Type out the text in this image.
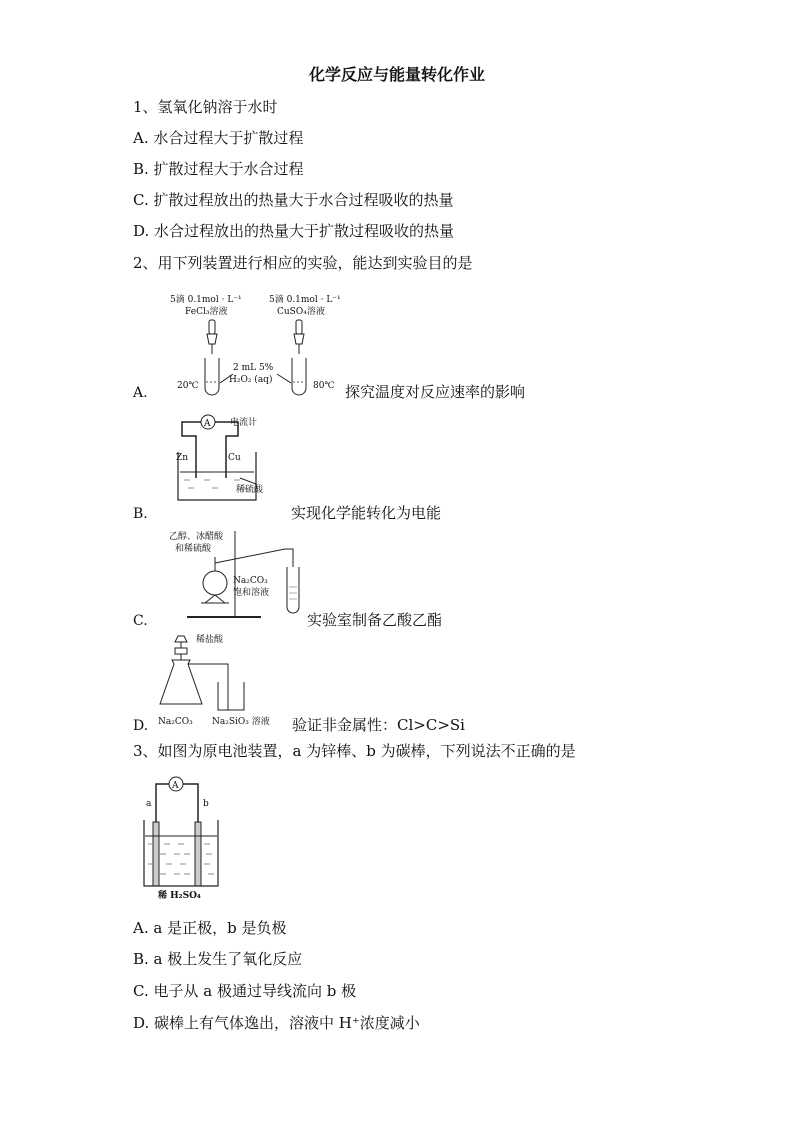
化学反应与能量转化作业
1、氢氧化钠溶于水时
A. 水合过程大于扩散过程
B. 扩散过程大于水合过程
C. 扩散过程放出的热量大于水合过程吸收的热量
D. 水合过程放出的热量大于扩散过程吸收的热量
2、用下列装置进行相应的实验，能达到实验目的是
5滴 0.1mol · L⁻¹
FeCl₃溶液
5滴 0.1mol · L⁻¹
CuSO₄溶液
2 mL 5%
H₂O₂ (aq)
20℃	80℃
A.	探究温度对反应速率的影响
A 电流计
Zn	Cu
稀硫酸
B.	实现化学能转化为电能
乙醇、冰醋酸
和稀硫酸
Na₂CO₃
饱和溶液
C.	实验室制备乙酸乙酯
稀盐酸
Na₂CO₃ Na₂SiO₃ 溶液
D.	验证非金属性：Cl>C>Si
3、如图为原电池装置，a 为锌棒、b 为碳棒，下列说法不正确的是
A
a	b
稀 H₂SO₄
A. a 是正极，b 是负极
B. a 极上发生了氧化反应
C. 电子从 a 极通过导线流向 b 极
D. 碳棒上有气体逸出，溶液中 H⁺浓度减小
